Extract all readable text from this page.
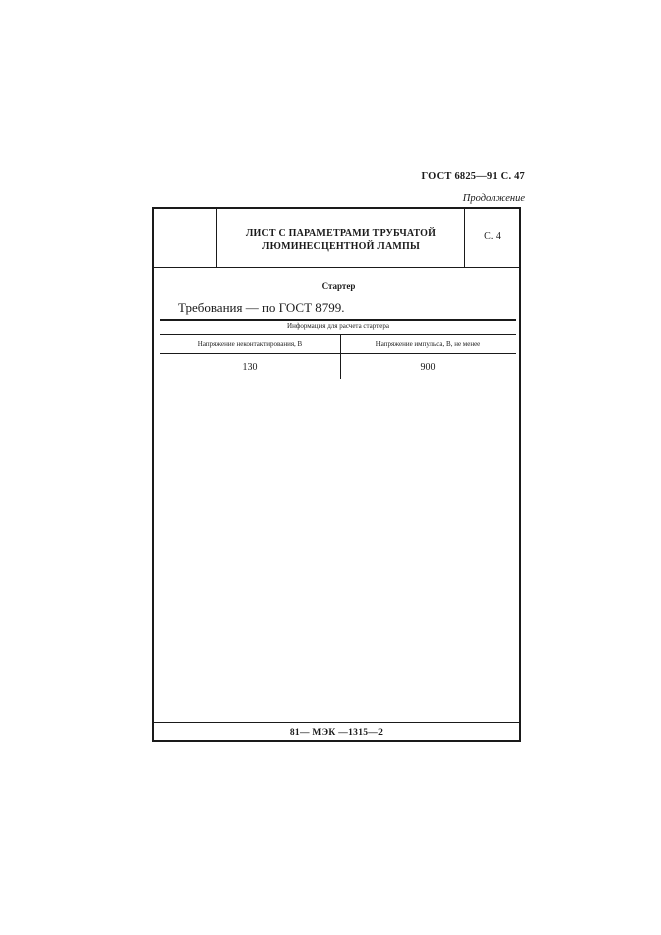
ГОСТ 6825—91 С. 47
Продолжение
ЛИСТ С ПАРАМЕТРАМИ ТРУБЧАТОЙ
ЛЮМИНЕСЦЕНТНОЙ ЛАМПЫ
С. 4
Стартер
Требования — по ГОСТ 8799.
Информация для расчета стартера
Напряжение неконтактирования, В	Напряжение импульса, В, не менее
130	900
81— МЭК —1315—2
